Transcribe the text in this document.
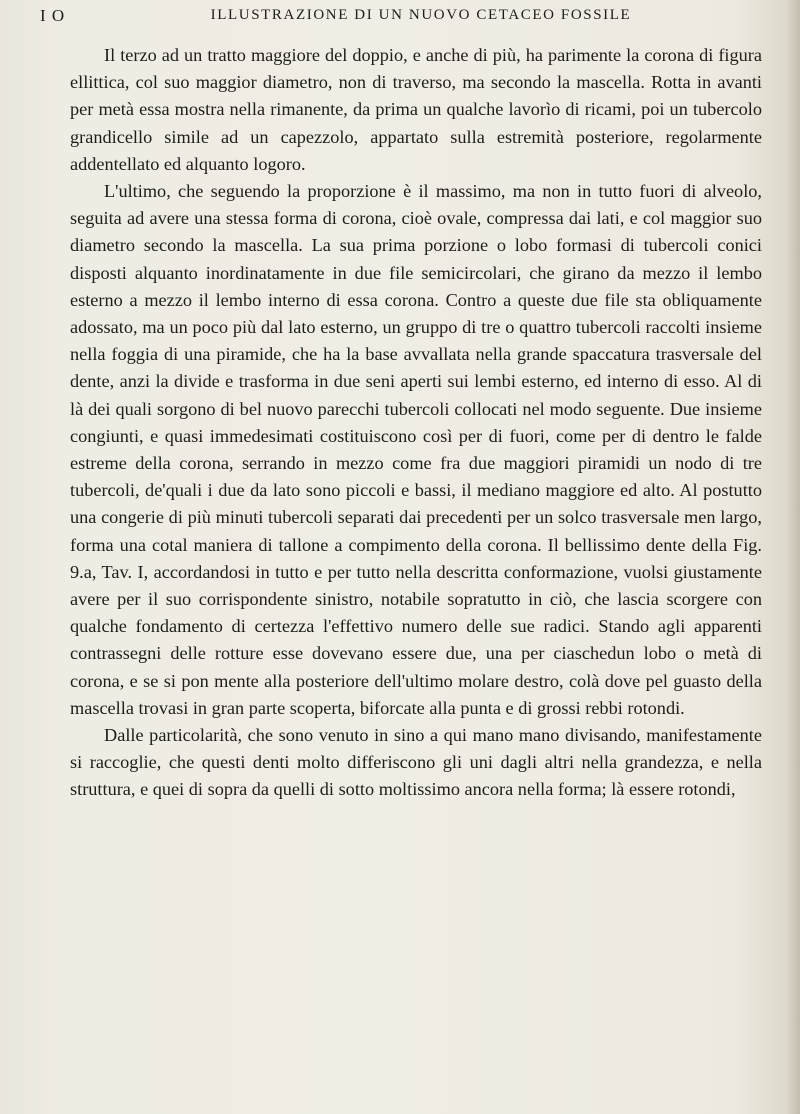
I O	ILLUSTRAZIONE DI UN NUOVO CETACEO FOSSILE

Il terzo ad un tratto maggiore del doppio, e anche di più, ha parimente la corona di figura ellittica, col suo maggior diametro, non di traverso, ma secondo la mascella. Rotta in avanti per metà essa mostra nella rimanente, da prima un qualche lavorìo di ricami, poi un tubercolo grandicello simile ad un capezzolo, appartato sulla estremità posteriore, regolarmente addentellato ed alquanto logoro.

L'ultimo, che seguendo la proporzione è il massimo, ma non in tutto fuori di alveolo, seguita ad avere una stessa forma di corona, cioè ovale, compressa dai lati, e col maggior suo diametro secondo la mascella. La sua prima porzione o lobo formasi di tubercoli conici disposti alquanto inordinatamente in due file semicircolari, che girano da mezzo il lembo esterno a mezzo il lembo interno di essa corona. Contro a queste due file sta obliquamente adossato, ma un poco più dal lato esterno, un gruppo di tre o quattro tubercoli raccolti insieme nella foggia di una piramide, che ha la base avvallata nella grande spaccatura trasversale del dente, anzi la divide e trasforma in due seni aperti sui lembi esterno, ed interno di esso. Al di là dei quali sorgono di bel nuovo parecchi tubercoli collocati nel modo seguente. Due insieme congiunti, e quasi immedesimati costituiscono così per di fuori, come per di dentro le falde estreme della corona, serrando in mezzo come fra due maggiori piramidi un nodo di tre tubercoli, de'quali i due da lato sono piccoli e bassi, il mediano maggiore ed alto. Al postutto una congerie di più minuti tubercoli separati dai precedenti per un solco trasversale men largo, forma una cotal maniera di tallone a compimento della corona. Il bellissimo dente della Fig. 9.a, Tav. I, accordandosi in tutto e per tutto nella descritta conformazione, vuolsi giustamente avere per il suo corrispondente sinistro, notabile sopratutto in ciò, che lascia scorgere con qualche fondamento di certezza l'effettivo numero delle sue radici. Stando agli apparenti contrassegni delle rotture esse dovevano essere due, una per ciaschedun lobo o metà di corona, e se si pon mente alla posteriore dell'ultimo molare destro, colà dove pel guasto della mascella trovasi in gran parte scoperta, biforcate alla punta e di grossi rebbi rotondi.

Dalle particolarità, che sono venuto in sino a qui mano mano divisando, manifestamente si raccoglie, che questi denti molto differiscono gli uni dagli altri nella grandezza, e nella struttura, e quei di sopra da quelli di sotto moltissimo ancora nella forma; là essere rotondi,
